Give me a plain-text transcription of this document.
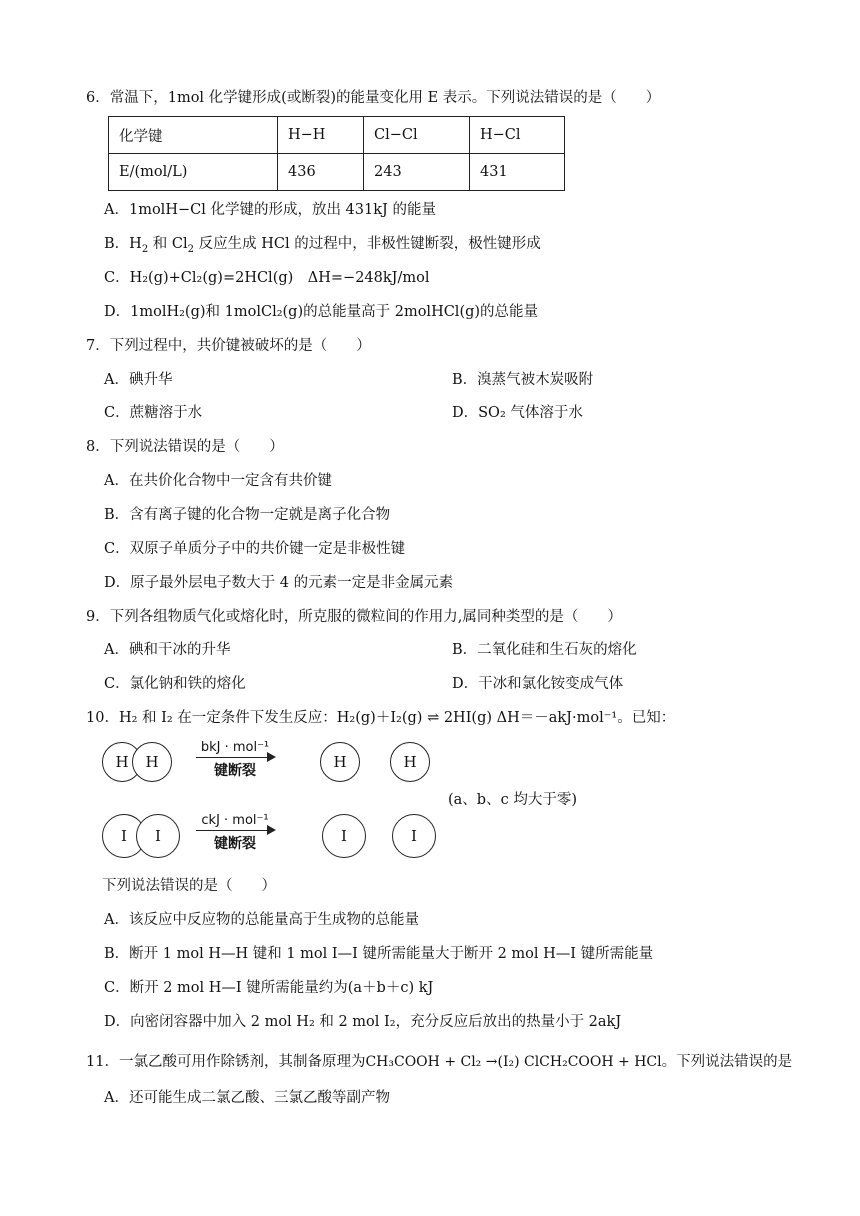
6．常温下，1mol 化学键形成(或断裂)的能量变化用 E 表示。下列说法错误的是（　　）
化学键	H−H	Cl−Cl	H−Cl
E/(mol/L)	436	243	431
A．1molH−Cl 化学键的形成，放出 431kJ 的能量
B．$H_2$ 和 $Cl_2$ 反应生成 HCl 的过程中，非极性键断裂，极性键形成
C．H₂(g)+Cl₂(g)=2HCl(g)　ΔH=−248kJ/mol
D．1molH₂(g)和 1molCl₂(g)的总能量高于 2molHCl(g)的总能量
7．下列过程中，共价键被破坏的是（　　）
A．碘升华	B．溴蒸气被木炭吸附
C．蔗糖溶于水	D．SO₂ 气体溶于水
8．下列说法错误的是（　　）
A．在共价化合物中一定含有共价键
B．含有离子键的化合物一定就是离子化合物
C．双原子单质分子中的共价键一定是非极性键
D．原子最外层电子数大于 4 的元素一定是非金属元素
9．下列各组物质气化或熔化时，所克服的微粒间的作用力,属同种类型的是（　　）
A．碘和干冰的升华	B．二氧化硅和生石灰的熔化
C．氯化钠和铁的熔化	D．干冰和氯化铵变成气体
10．H₂ 和 I₂ 在一定条件下发生反应：H₂(g)＋I₂(g) ⇌ 2HI(g) ΔH＝－akJ·mol⁻¹。已知：
H H
bkJ · mol⁻¹
键断裂	H	H
(a、b、c 均大于零)
I I
ckJ · mol⁻¹
键断裂	I	I
下列说法错误的是（　　）
A．该反应中反应物的总能量高于生成物的总能量
B．断开 1 mol H—H 键和 1 mol I—I 键所需能量大于断开 2 mol H—I 键所需能量
C．断开 2 mol H—I 键所需能量约为(a＋b＋c) kJ
D．向密闭容器中加入 2 mol H₂ 和 2 mol I₂，充分反应后放出的热量小于 2akJ
11．一氯乙酸可用作除锈剂，其制备原理为CH₃COOH + Cl₂ →(I₂) ClCH₂COOH + HCl。下列说法错误的是
A．还可能生成二氯乙酸、三氯乙酸等副产物
